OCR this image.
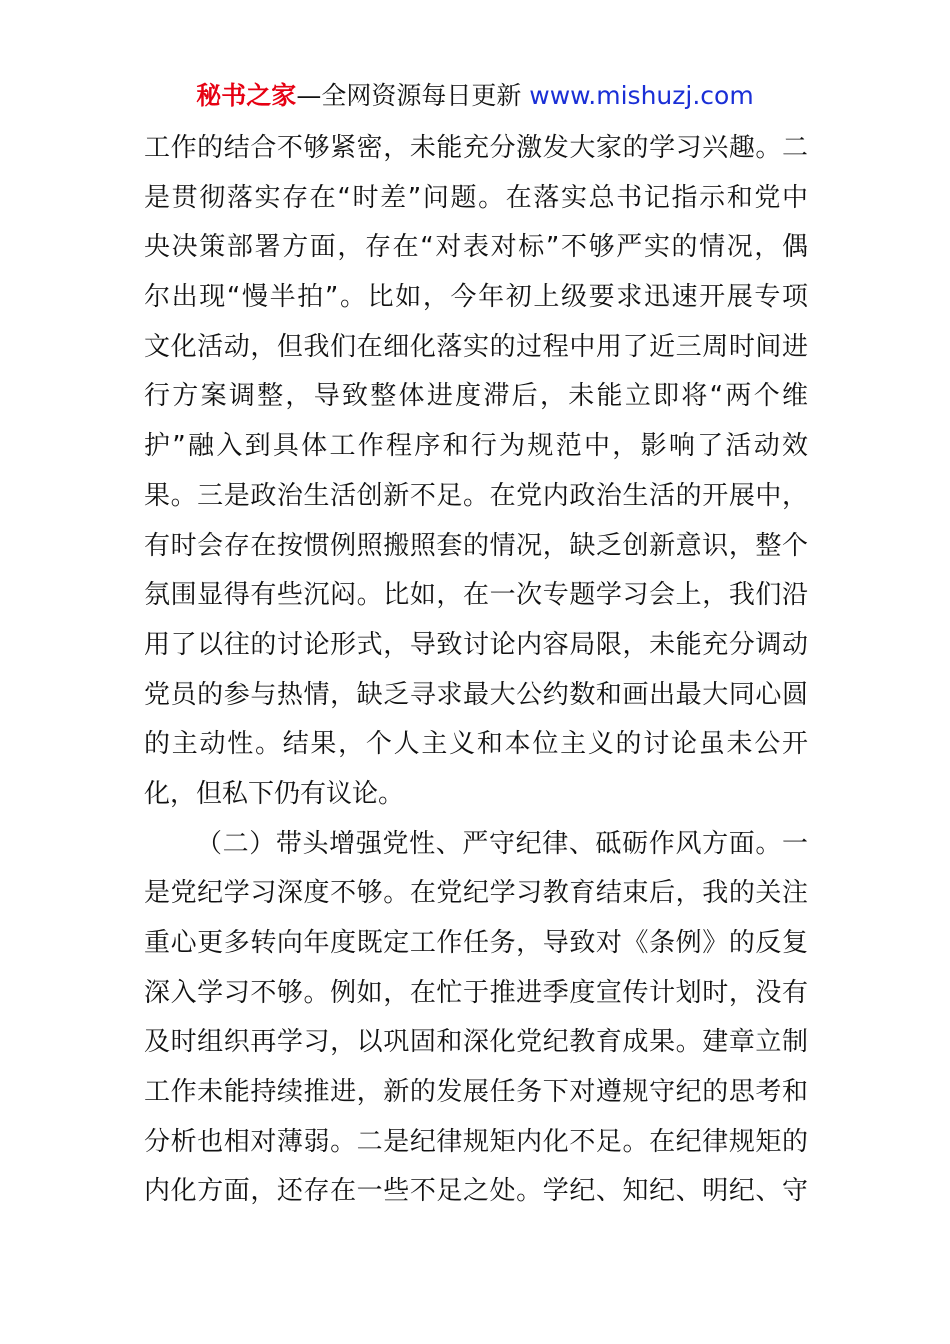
秘书之家—全网资源每日更新 www.mishuzj.com
工作的结合不够紧密，未能充分激发大家的学习兴趣。二
是贯彻落实存在“时差”问题。在落实总书记指示和党中
央决策部署方面，存在“对表对标”不够严实的情况，偶
尔出现“慢半拍”。比如，今年初上级要求迅速开展专项
文化活动，但我们在细化落实的过程中用了近三周时间进
行方案调整，导致整体进度滞后，未能立即将“两个维
护”融入到具体工作程序和行为规范中，影响了活动效
果。三是政治生活创新不足。在党内政治生活的开展中，
有时会存在按惯例照搬照套的情况，缺乏创新意识，整个
氛围显得有些沉闷。比如，在一次专题学习会上，我们沿
用了以往的讨论形式，导致讨论内容局限，未能充分调动
党员的参与热情，缺乏寻求最大公约数和画出最大同心圆
的主动性。结果，个人主义和本位主义的讨论虽未公开
化，但私下仍有议论。
（二）带头增强党性、严守纪律、砥砺作风方面。一
是党纪学习深度不够。在党纪学习教育结束后，我的关注
重心更多转向年度既定工作任务，导致对《条例》的反复
深入学习不够。例如，在忙于推进季度宣传计划时，没有
及时组织再学习，以巩固和深化党纪教育成果。建章立制
工作未能持续推进，新的发展任务下对遵规守纪的思考和
分析也相对薄弱。二是纪律规矩内化不足。在纪律规矩的
内化方面，还存在一些不足之处。学纪、知纪、明纪、守
